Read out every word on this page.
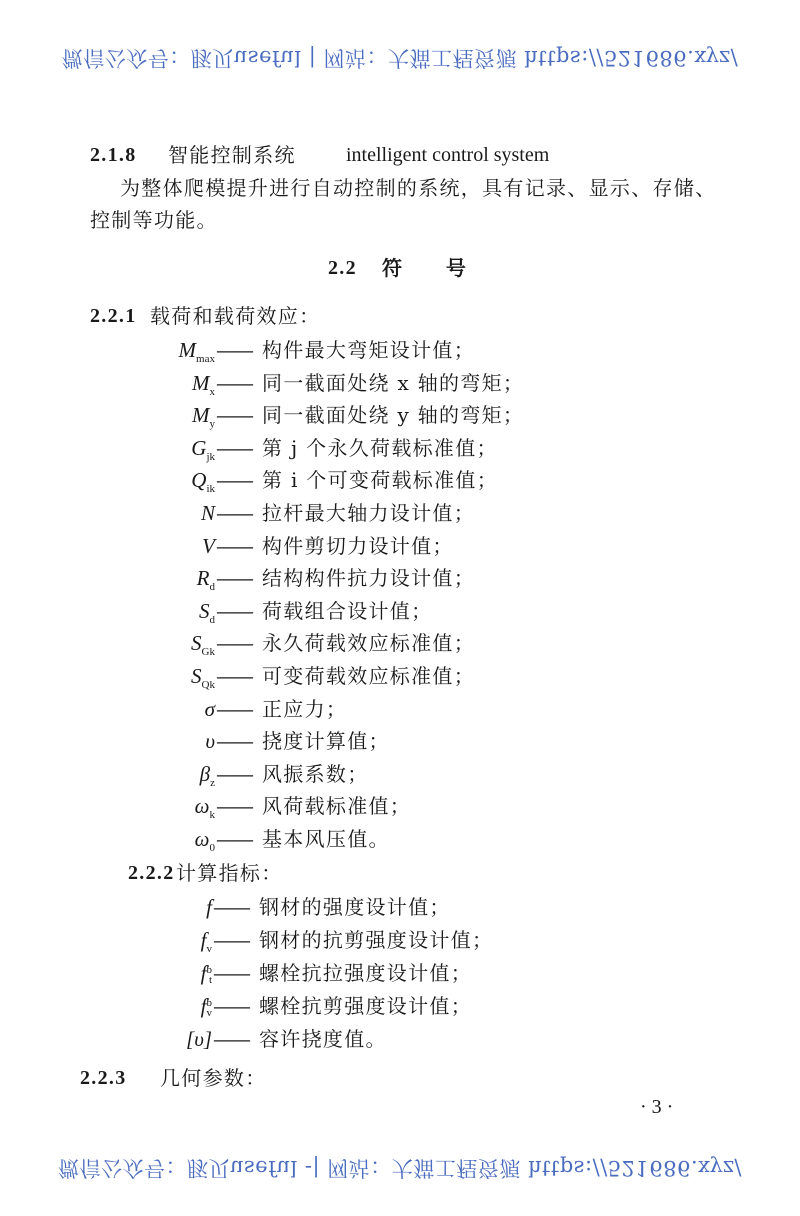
微信公众号：豚贝useful | 网站：大猫工程资源 https://521686.xyz/
2.1.8 智能控制系统	intelligent control system
为整体爬模提升进行自动控制的系统，具有记录、显示、存储、
控制等功能。
2.2 符　　号
2.2.1 载荷和载荷效应：
$M_{max}$ —— 构件最大弯矩设计值；
$M_x$ —— 同一截面处绕 x 轴的弯矩；
$M_y$ —— 同一截面处绕 y 轴的弯矩；
$G_{jk}$ —— 第 j 个永久荷载标准值；
$Q_{ik}$ —— 第 i 个可变荷载标准值；
N —— 拉杆最大轴力设计值；
V —— 构件剪切力设计值；
$R_d$ —— 结构构件抗力设计值；
$S_d$ —— 荷载组合设计值；
$S_{Gk}$ —— 永久荷载效应标准值；
$S_{Qk}$ —— 可变荷载效应标准值；
σ —— 正应力；
υ —— 挠度计算值；
$\beta_z$ —— 风振系数；
$\omega_k$ —— 风荷载标准值；
$\omega_0$ —— 基本风压值。
2.2.2 计算指标：
f —— 钢材的强度设计值；
$f_v$ —— 钢材的抗剪强度设计值；
f b
t —— 螺栓抗拉强度设计值；
f b
v —— 螺栓抗剪强度设计值；
[υ] —— 容许挠度值。
2.2.3 几何参数：
· 3 ·
微信公众号：豚贝useful -| 网站：大猫工程资源 https://521686.xyz/
